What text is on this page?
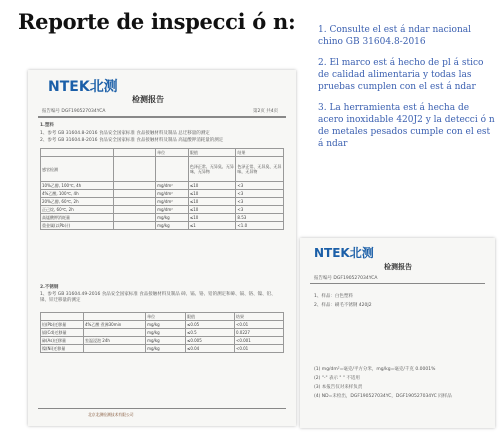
Reporte de inspecci ó n:	1. Consulte el est á ndar nacional chino GB 31604.8-2016

2. El marco est á hecho de pl á stico de calidad alimentaria y todas las pruebas cumplen con el est á ndar

3. La herramienta est á hecha de acero inoxidable 420J2 y la detecci ó n de metales pesados cumple con el est á ndar

NTEK北测
检测报告
报告编号 DGF190527034YCA	第2页 共4页
1.塑料
1、参考 GB 31604.8-2016 食品安全国家标准 食品接触材料及制品 总迁移量的测定
2、参考 GB 31604.8-2016 食品安全国家标准 食品接触材料及制品 高锰酸钾消耗量的测定
		单位	限值	结果
感官检测			色泽正常、无异臭、无异味，无异物	色泽正常、无异臭、无异味，无异物
10%乙醇, 100℃, 4h		mg/dm²	≤10	<3
4%乙酸, 100℃, 4h		mg/dm²	≤10	<3
20%乙醇, 60℃, 2h		mg/dm²	≤10	<3
正己烷, 60℃, 2h		mg/dm²	≤10	<3
高锰酸钾消耗量		mg/kg	≤10	8.53
重金属(以Pb计)		mg/kg	≤1	<1.0
2.不锈钢
1、参考 GB 31604.49-2016 食品安全国家标准 食品接触材料及制品 砷、镉、铬、铅的测定和砷、镉、铬、镍、铅、锑、锌迁移量的测定
		单位	限值	结果
铅(Pb)迁移量	4%乙酸 煮沸30min	mg/kg	≤0.05	<0.01
镉(Cd)迁移量		mg/kg	≤0.5	0.0227
砷(As)迁移量	室温浸泡 24h	mg/kg	≤0.005	<0.001
镍(Ni)迁移量		mg/kg	≤0.04	<0.01
北京北测检测技术有限公司
NTEK北测
检测报告
报告编号 DGF190527034YCA
1、样品：白色塑料
2、样品：刷毛不锈钢 420J2
(1) mg/dm²=毫克/平方分米，mg/kg=毫克/千克 0.0001%
(2) "-" 表示 " " 不适用
(3) 本报告仅对来样负责
(4) ND=未检出，DGF190527034YC，DGF190527034YC 同样品
